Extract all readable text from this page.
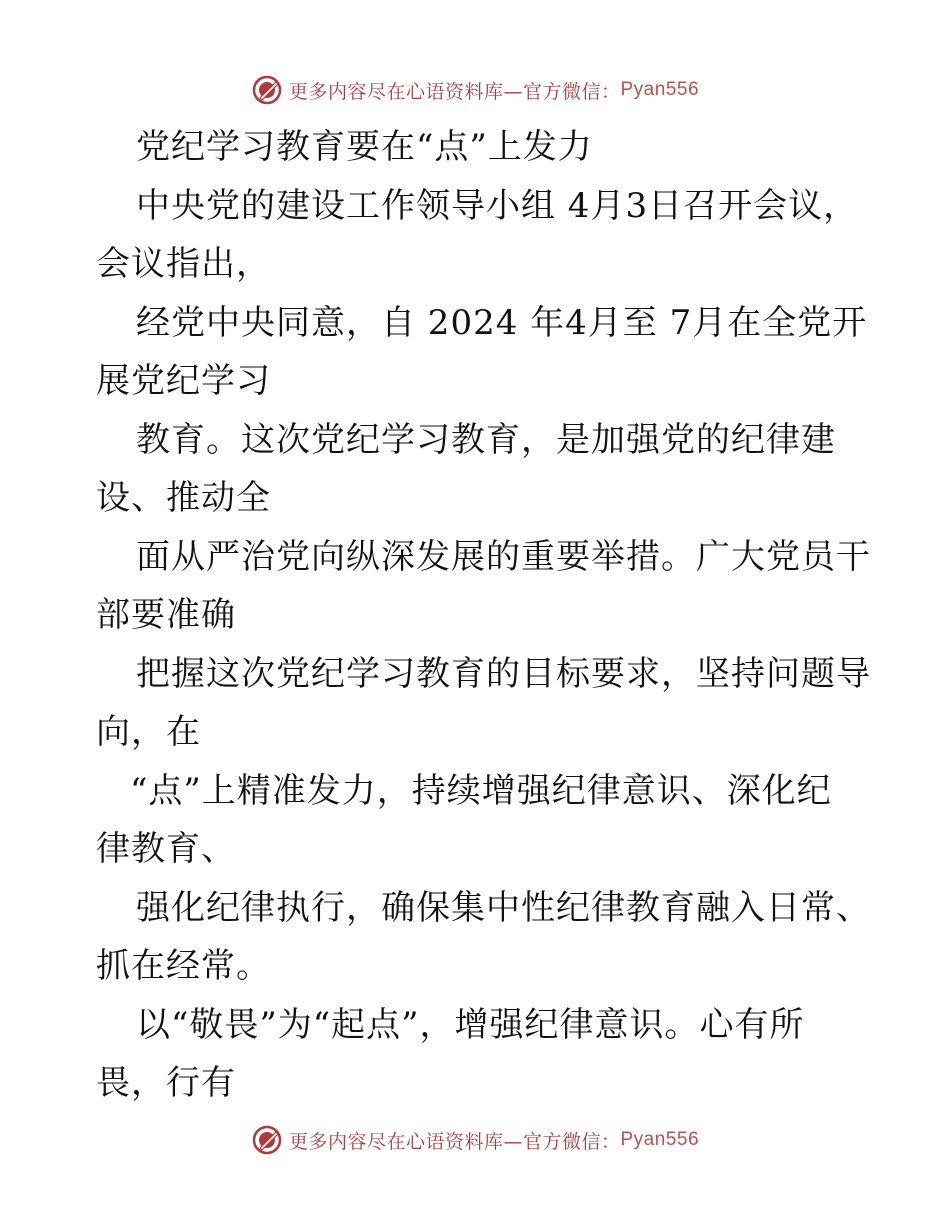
更多内容尽在心语资料库—官方微信： Pyan556
党纪学习教育要在“点”上发力
中央党的建设工作领导小组 4月3日召开会议，
会议指出，
经党中央同意，自 2024 年4月至 7月在全党开
展党纪学习
教育。这次党纪学习教育，是加强党的纪律建
设、推动全
面从严治党向纵深发展的重要举措。广大党员干
部要准确
把握这次党纪学习教育的目标要求，坚持问题导
向，在
“点”上精准发力，持续增强纪律意识、深化纪
律教育、
强化纪律执行，确保集中性纪律教育融入日常、
抓在经常。
以“敬畏”为“起点”，增强纪律意识。心有所
畏，行有
更多内容尽在心语资料库—官方微信： Pyan556
